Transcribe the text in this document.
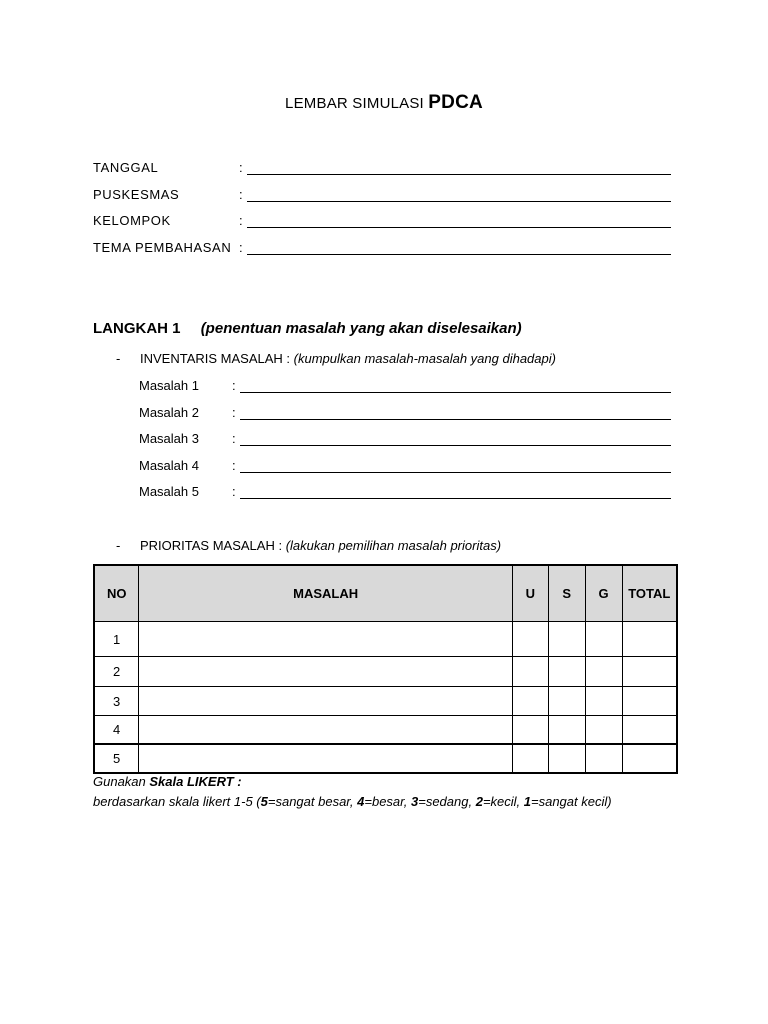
LEMBAR SIMULASI PDCA
TANGGAL	:
PUSKESMAS	:
KELOMPOK	:
TEMA PEMBAHASAN :
LANGKAH 1 (penentuan masalah yang akan diselesaikan)
- INVENTARIS MASALAH : (kumpulkan masalah-masalah yang dihadapi)
Masalah 1	:
Masalah 2	:
Masalah 3	:
Masalah 4	:
Masalah 5	:
- PRIORITAS MASALAH : (lakukan pemilihan masalah prioritas)
NO	MASALAH	U	S	G	TOTAL
1					
2					
3					
4					
5					
Gunakan Skala LIKERT :
berdasarkan skala likert 1-5 (5=sangat besar, 4=besar, 3=sedang, 2=kecil, 1=sangat kecil)
